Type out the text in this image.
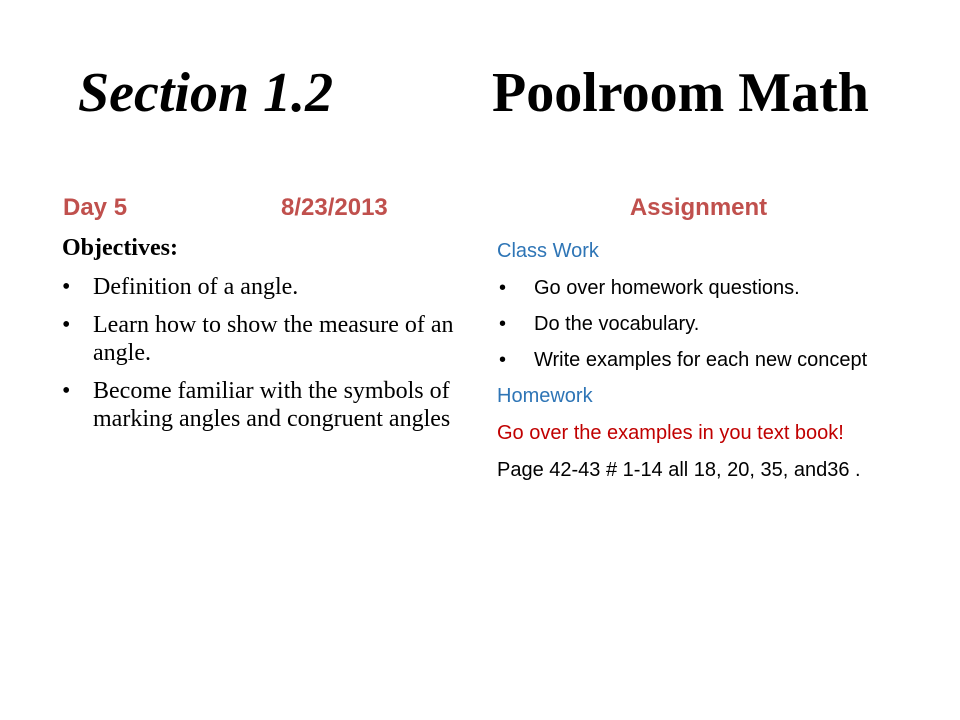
Section 1.2	Poolroom Math
Day 5	8/23/2013	Assignment
Objectives:
• Definition of a angle.
• Learn how to show the measure of an angle.
• Become familiar with the symbols of marking angles and congruent angles
Class Work
• Go over homework questions.
• Do the vocabulary.
• Write examples for each new concept
Homework
Go over the examples in you text book!
Page 42-43 # 1-14 all 18, 20, 35, and36 .
